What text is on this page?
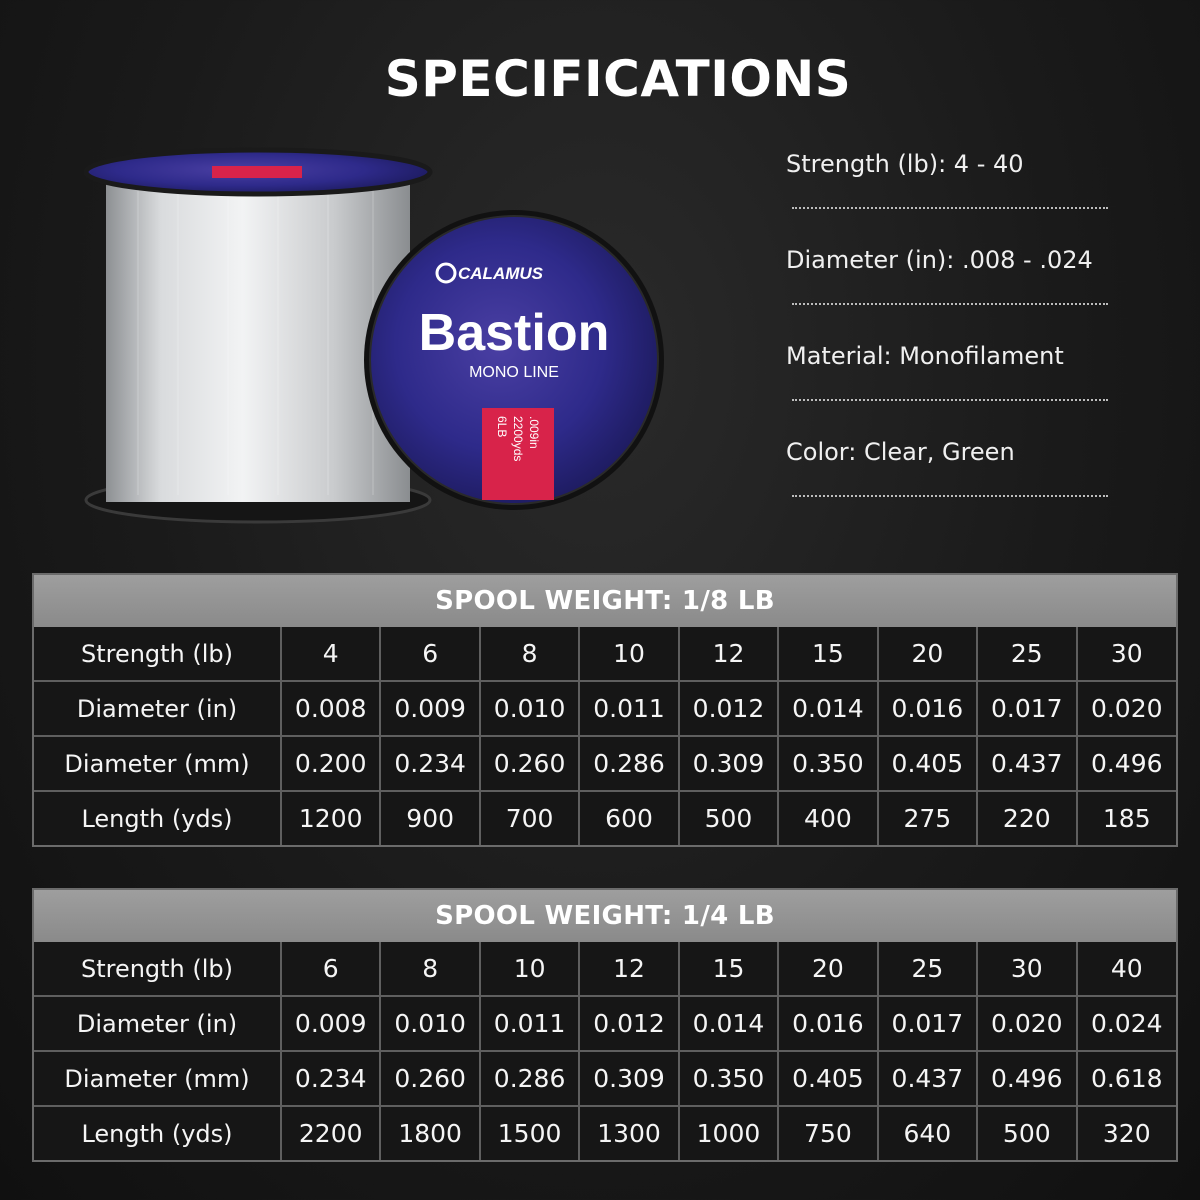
SPECIFICATIONS
CALAMUS
Bastion
MONO LINE
6LB 2200yds .009in
Strength (lb): 4 - 40
Diameter (in): .008 - .024
Material: Monofilament
Color: Clear, Green
SPOOL WEIGHT: 1/8 LB
Strength (lb)	4	6	8	10	12	15	20	25	30
Diameter (in)	0.008	0.009	0.010	0.011	0.012	0.014	0.016	0.017	0.020
Diameter (mm)	0.200	0.234	0.260	0.286	0.309	0.350	0.405	0.437	0.496
Length (yds)	1200	900	700	600	500	400	275	220	185
SPOOL WEIGHT: 1/4 LB
Strength (lb)	6	8	10	12	15	20	25	30	40
Diameter (in)	0.009	0.010	0.011	0.012	0.014	0.016	0.017	0.020	0.024
Diameter (mm)	0.234	0.260	0.286	0.309	0.350	0.405	0.437	0.496	0.618
Length (yds)	2200	1800	1500	1300	1000	750	640	500	320
